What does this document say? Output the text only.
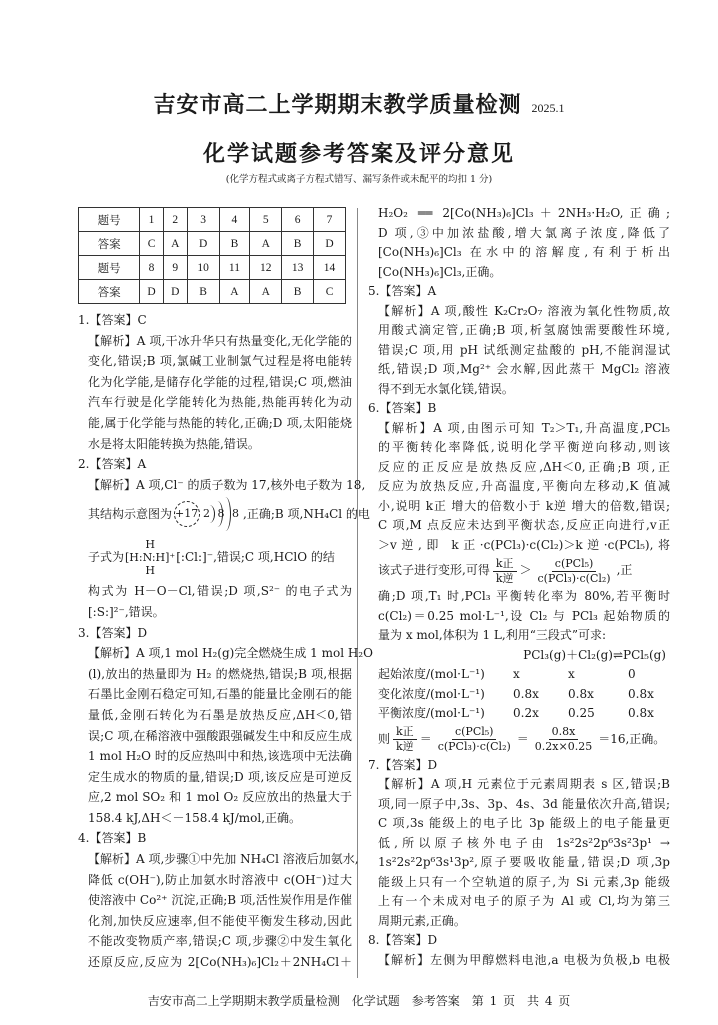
吉安市高二上学期期末教学质量检测 2025.1
化学试题参考答案及评分意见
(化学方程式或离子方程式错写、漏写条件或未配平的均扣 1 分)
题号	1	2	3	4	5	6	7
答案	C	A	D	B	A	B	D
题号	8	9	10	11	12	13	14
答案	D	D	B	A	A	B	C
1.【答案】C
【解析】A 项,干冰升华只有热量变化,无化学能的
变化,错误;B 项,氯碱工业制氯气过程是将电能转
化为化学能,是储存化学能的过程,错误;C 项,燃油
汽车行驶是化学能转化为热能,热能再转化为动
能,属于化学能与热能的转化,正确;D 项,太阳能烧
水是将太阳能转换为热能,错误。
2.【答案】A
【解析】A 项,Cl⁻ 的质子数为 17,核外电子数为 18,
其结构示意图为 +17 2 8 8 ,正确;B 项,NH₄Cl 的电
子式为
H
[H:N:H]⁺
H
[:Cl:]⁻ ,错误;C 项,HClO 的结
构式为 H－O－Cl,错误;D 项,S²⁻ 的电子式为
[:S:]²⁻,错误。
3.【答案】D
【解析】A 项,1 mol H₂(g)完全燃烧生成 1 mol H₂O
(l),放出的热量即为 H₂ 的燃烧热,错误;B 项,根据
石墨比金刚石稳定可知,石墨的能量比金刚石的能
量低,金刚石转化为石墨是放热反应,ΔH＜0,错
误;C 项,在稀溶液中强酸跟强碱发生中和反应生成
1 mol H₂O 时的反应热叫中和热,该选项中无法确
定生成水的物质的量,错误;D 项,该反应是可逆反
应,2 mol SO₂ 和 1 mol O₂ 反应放出的热量大于
158.4 kJ,ΔH＜－158.4 kJ/mol,正确。
4.【答案】B
【解析】A 项,步骤①中先加 NH₄Cl 溶液后加氨水,
降低 c(OH⁻),防止加氨水时溶液中 c(OH⁻)过大
使溶液中 Co²⁺ 沉淀,正确;B 项,活性炭作用是作催
化剂,加快反应速率,但不能使平衡发生移动,因此
不能改变物质产率,错误;C 项,步骤②中发生氧化
还原反应,反应为 2[Co(NH₃)₆]Cl₂＋2NH₄Cl＋
H₂O₂ ══ 2[Co(NH₃)₆]Cl₃＋2NH₃·H₂O,正确;
D 项,③中加浓盐酸,增大氯离子浓度,降低了
[Co(NH₃)₆]Cl₃ 在水中的溶解度,有利于析出
[Co(NH₃)₆]Cl₃,正确。
5.【答案】A
【解析】A 项,酸性 K₂Cr₂O₇ 溶液为氧化性物质,故
用酸式滴定管,正确;B 项,析氢腐蚀需要酸性环境,
错误;C 项,用 pH 试纸测定盐酸的 pH,不能润湿试
纸,错误;D 项,Mg²⁺ 会水解,因此蒸干 MgCl₂ 溶液
得不到无水氯化镁,错误。
6.【答案】B
【解析】A 项,由图示可知 T₂＞T₁,升高温度,PCl₅
的平衡转化率降低,说明化学平衡逆向移动,则该
反应的正反应是放热反应,ΔH＜0,正确;B 项,正
反应为放热反应,升高温度,平衡向左移动,K 值减
小,说明 k正 增大的倍数小于 k逆 增大的倍数,错误;
C 项,M 点反应未达到平衡状态,反应正向进行,v正
＞v逆,即 k正·c(PCl₃)·c(Cl₂)＞k逆·c(PCl₅),将
该式子进行变形,可得 $\frac{\text{k正}}{\text{k逆}} > \frac{\text{c(PCl₅)}}{\text{c(PCl₃)·c(Cl₂)}}$ ,正
确;D 项,T₁ 时,PCl₃ 平衡转化率为 80%,若平衡时
c(Cl₂)＝0.25 mol·L⁻¹,设 Cl₂ 与 PCl₃ 起始物质的
量为 x mol,体积为 1 L,利用“三段式”可求:
PCl₃(g)＋Cl₂(g)⇌PCl₅(g)
起始浓度/(mol·L⁻¹)	x	x	0
变化浓度/(mol·L⁻¹)	0.8x	0.8x	0.8x
平衡浓度/(mol·L⁻¹)	0.2x	0.25	0.8x
则 $\frac{\text{k正}}{\text{k逆}} = \frac{\text{c(PCl₅)}}{\text{c(PCl₃)·c(Cl₂)}} = \frac{0.8x}{0.2x\times 0.25} =16$,正确。
7.【答案】D
【解析】A 项,H 元素位于元素周期表 s 区,错误;B
项,同一原子中,3s、3p、4s、3d 能量依次升高,错误;
C 项,3s 能级上的电子比 3p 能级上的电子能量更
低,所以原子核外电子由 1s²2s²2p⁶3s²3p¹ →
1s²2s²2p⁶3s¹3p²,原子要吸收能量,错误;D 项,3p
能级上只有一个空轨道的原子,为 Si 元素,3p 能级
上有一个未成对电子的原子为 Al 或 Cl,均为第三
周期元素,正确。
8.【答案】D
【解析】左侧为甲醇燃料电池,a 电极为负极,b 电极
吉安市高二上学期期末教学质量检测 化学试题 参考答案 第 1 页 共 4 页
